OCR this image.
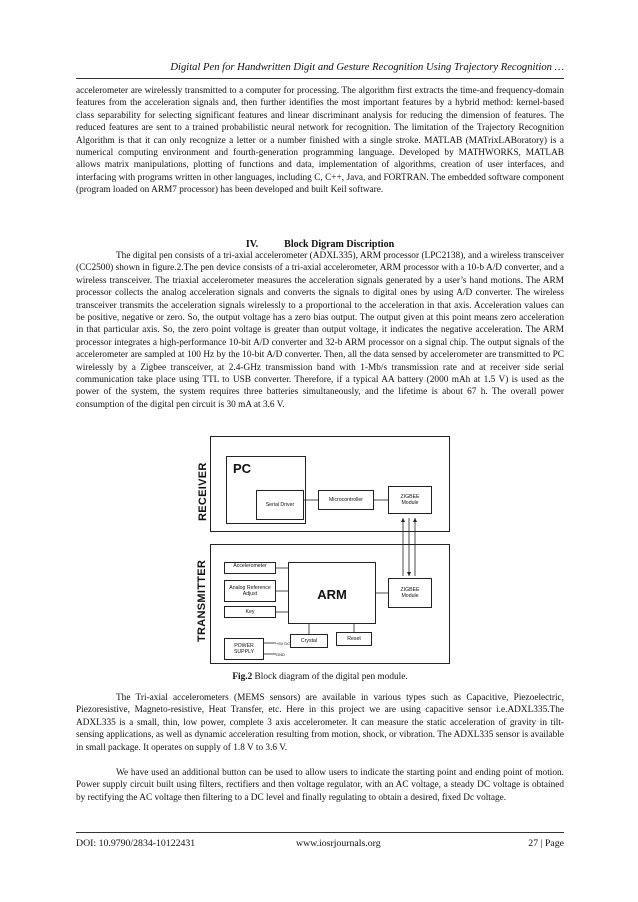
Digital Pen for Handwritten Digit and Gesture Recognition Using Trajectory Recognition …

accelerometer are wirelessly transmitted to a computer for processing. The algorithm first extracts the time-and frequency-domain features from the acceleration signals and, then further identifies the most important features by a hybrid method: kernel-based class separability for selecting significant features and linear discriminant analysis for reducing the dimension of features. The reduced features are sent to a trained probabilistic neural network for recognition. The limitation of the Trajectory Recognition Algorithm is that it can only recognize a letter or a number finished with a single stroke. MATLAB (MATrixLABoratory) is a numerical computing environment and fourth-generation programming language. Developed by MATHWORKS, MATLAB allows matrix manipulations, plotting of functions and data, implementation of algorithms, creation of user interfaces, and interfacing with programs written in other languages, including C, C++, Java, and FORTRAN. The embedded software component (program loaded on ARM7 processor) has been developed and built Keil software.

IV.	Block Digram Discription

The digital pen consists of a tri-axial accelerometer (ADXL335), ARM processor (LPC2138), and a wireless transceiver (CC2500) shown in figure.2.The pen device consists of a tri-axial accelerometer, ARM processor with a 10-b A/D converter, and a wireless transceiver. The triaxial accelerometer measures the acceleration signals generated by a user’s hand motions. The ARM processor collects the analog acceleration signals and converts the signals to digital ones by using A/D converter. The wireless transceiver transmits the acceleration signals wirelessly to a proportional to the acceleration in that axis. Acceleration values can be positive, negative or zero. So, the output voltage has a zero bias output. The output given at this point means zero acceleration in that particular axis. So, the zero point voltage is greater than output voltage, it indicates the negative acceleration. The ARM processor integrates a high-performance 10-bit A/D converter and 32-b ARM processor on a signal chip. The output signals of the accelerometer are sampled at 100 Hz by the 10-bit A/D converter. Then, all the data sensed by accelerometer are transmitted to PC wirelessly by a Zigbee transceiver, at 2.4-GHz transmission band with 1-Mb/s transmission rate and at receiver side serial communication take place using TTL to USB converter. Therefore, if a typical AA battery (2000 mAh at 1.5 V) is used as the power of the system, the system requires three batteries simultaneously, and the lifetime is about 67 h. The overall power consumption of the digital pen circuit is 30 mA at 3.6 V.

RECEIVER PC
Serial Driver
Microcontroller	ZIGBEE Module
TRANSMITTER	Accelerometer
Analog Reference Adjust
Key
ARM	ZIGBEE Module
Crystal	Reset
POWER SUPPLY
+5V DC
GND
Fig.2 Block diagram of the digital pen module.

The Tri-axial accelerometers (MEMS sensors) are available in various types such as Capacitive, Piezoelectric, Piezoresistive, Magneto-resistive, Heat Transfer, etc. Here in this project we are using capacitive sensor i.e.ADXL335.The ADXL335 is a small, thin, low power, complete 3 axis accelerometer. It can measure the static acceleration of gravity in tilt-sensing applications, as well as dynamic acceleration resulting from motion, shock, or vibration. The ADXL335 sensor is available in small package. It operates on supply of 1.8 V to 3.6 V.

We have used an additional button can be used to allow users to indicate the starting point and ending point of motion. Power supply circuit built using filters, rectifiers and then voltage regulator, with an AC voltage, a steady DC voltage is obtained by rectifying the AC voltage then filtering to a DC level and finally regulating to obtain a desired, fixed Dc voltage.

DOI: 10.9790/2834-10122431	www.iosrjournals.org	27 | Page
